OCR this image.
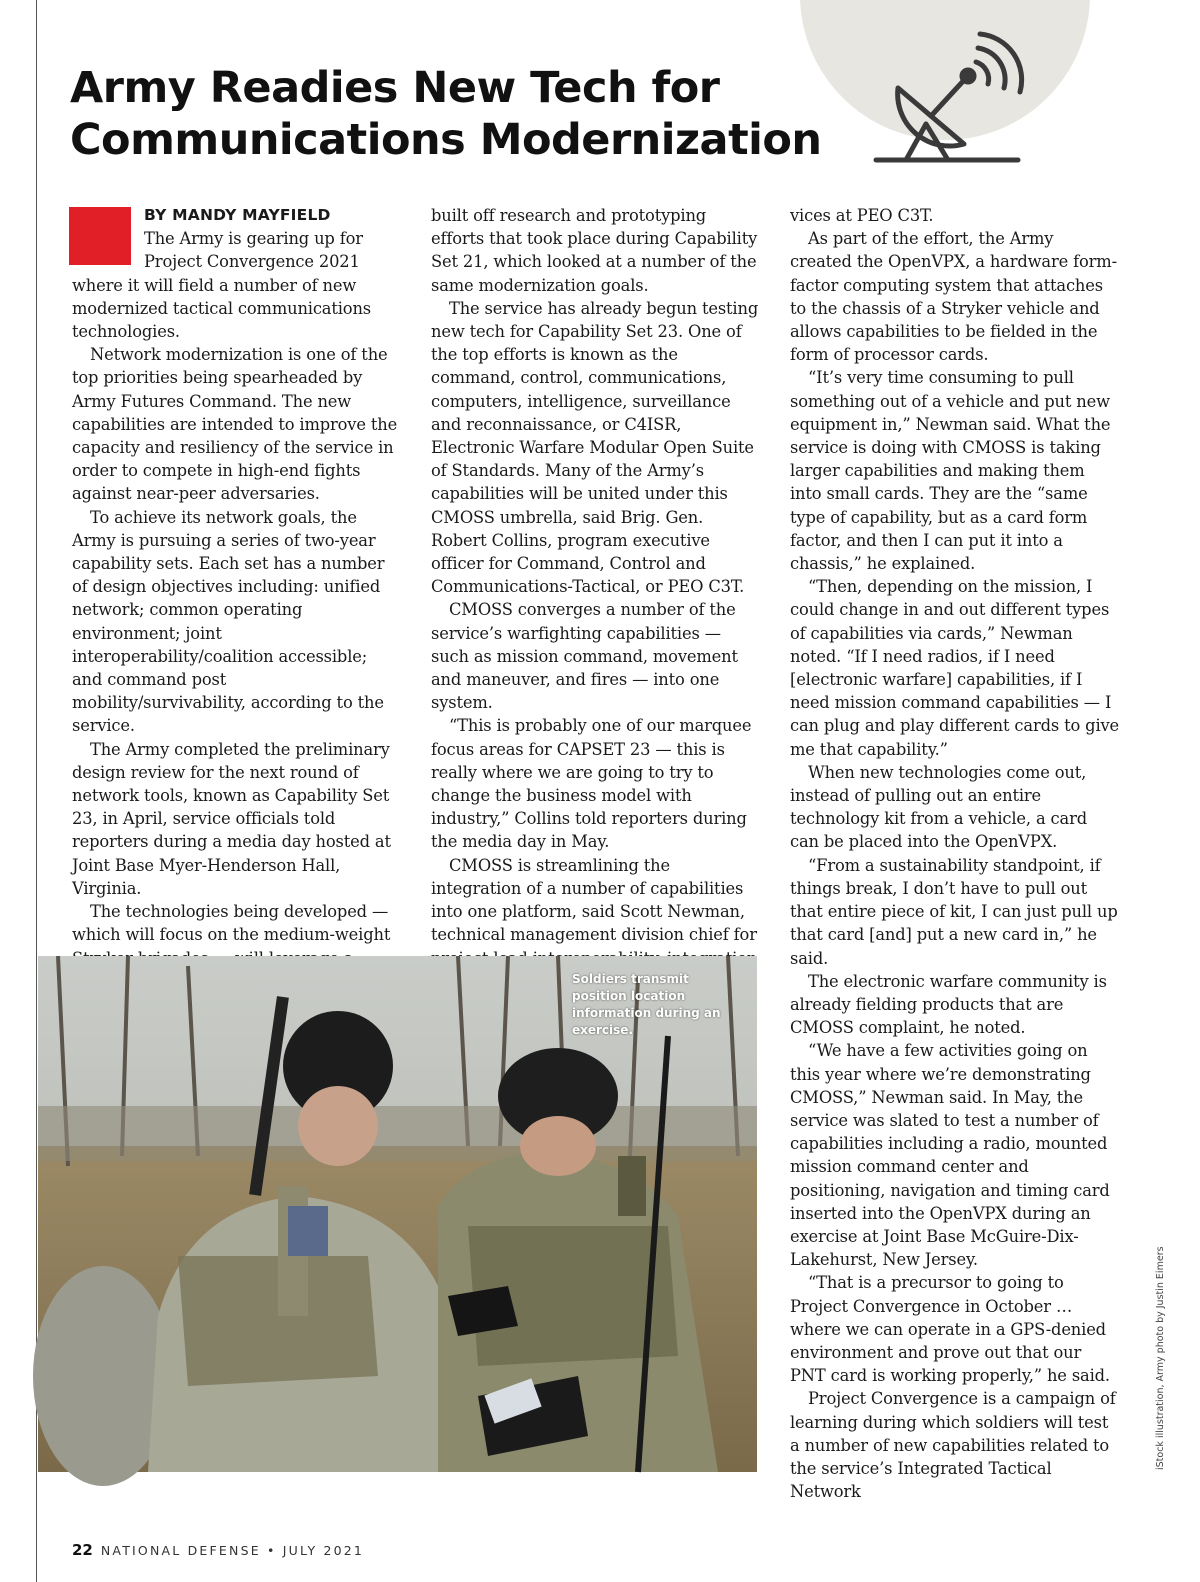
Army Readies New Tech for Communications Modernization

BY MANDY MAYFIELD

The Army is gearing up for Project Convergence 2021 where it will field a number of new modernized tactical communications technologies.

Network modernization is one of the top priorities being spearheaded by Army Futures Command. The new capabilities are intended to improve the capacity and resiliency of the service in order to compete in high-end fights against near-peer adversaries.

To achieve its network goals, the Army is pursuing a series of two-year capability sets. Each set has a number of design objectives including: unified network; common operating environment; joint interoperability/coalition accessible; and command post mobility/survivability, according to the service.

The Army completed the preliminary design review for the next round of network tools, known as Capability Set 23, in April, service officials told reporters during a media day hosted at Joint Base Myer-Henderson Hall, Virginia.

The technologies being developed — which will focus on the medium-weight

built off research and prototyping efforts that took place during Capability Set 21, which looked at a number of the same modernization goals.

The service has already begun testing new tech for Capability Set 23. One of the top efforts is known as the command, control, communications, computers, intelligence, surveillance and reconnaissance, or C4ISR, Electronic Warfare Modular Open Suite of Standards. Many of the Army’s capabilities will be united under this CMOSS umbrella, said Brig. Gen. Robert Collins, program executive officer for Command, Control and Communications-Tactical, or PEO C3T.

CMOSS converges a number of the service’s warfighting capabilities — such as mission command, movement and maneuver, and fires — into one system.

“This is probably one of our marquee focus areas for CAPSET 23 — this is really where we are going to try to change the business model with industry,” Collins told reporters during the media day in May.

CMOSS is streamlining the integration of a number of capabilities into one platform, said Scott Newman, technical management division chief for

vices at PEO C3T.

As part of the effort, the Army created the OpenVPX, a hardware form-factor computing system that attaches to the chassis of a Stryker vehicle and allows capabilities to be fielded in the form of processor cards.

“It’s very time consuming to pull something out of a vehicle and put new equipment in,” Newman said. What the service is doing with CMOSS is taking larger capabilities and making them into small cards. They are the “same type of capability, but as a card form factor, and then I can put it into a chassis,” he explained.

“Then, depending on the mission, I could change in and out different types of capabilities via cards,” Newman noted. “If I need radios, if I need [electronic warfare] capabilities, if I need mission command capabilities — I can plug and play different cards to give me that capability.”

When new technologies come out, instead of pulling out an entire technology kit from a vehicle, a card can be placed into the OpenVPX.

“From a sustainability standpoint, if things break, I don’t have to pull out that entire piece of kit, I can just pull up that card [and] put a new card in,” he said.

The electronic warfare community is already fielding products that are CMOSS complaint, he noted.

“We have a few activities going on this year where we’re demonstrating CMOSS,” Newman said. In May, the service was slated to test a number of capabilities including a radio, mounted mission command center and positioning, navigation and timing card inserted into the OpenVPX during an exercise at Joint Base McGuire-Dix-Lakehurst, New Jersey.

“That is a precursor to going to Project Convergence in October … where we can operate in a GPS-denied environment and prove out that our PNT card is working properly,” he said.

Project Convergence is a campaign of learning during which soldiers will test a number of new capabilities related to the service’s Integrated Tactical Network

Soldiers transmit position location information during an exercise.
iStock illustration, Army photo by Justin Eimers
22 NATIONAL DEFENSE • JULY 2021
